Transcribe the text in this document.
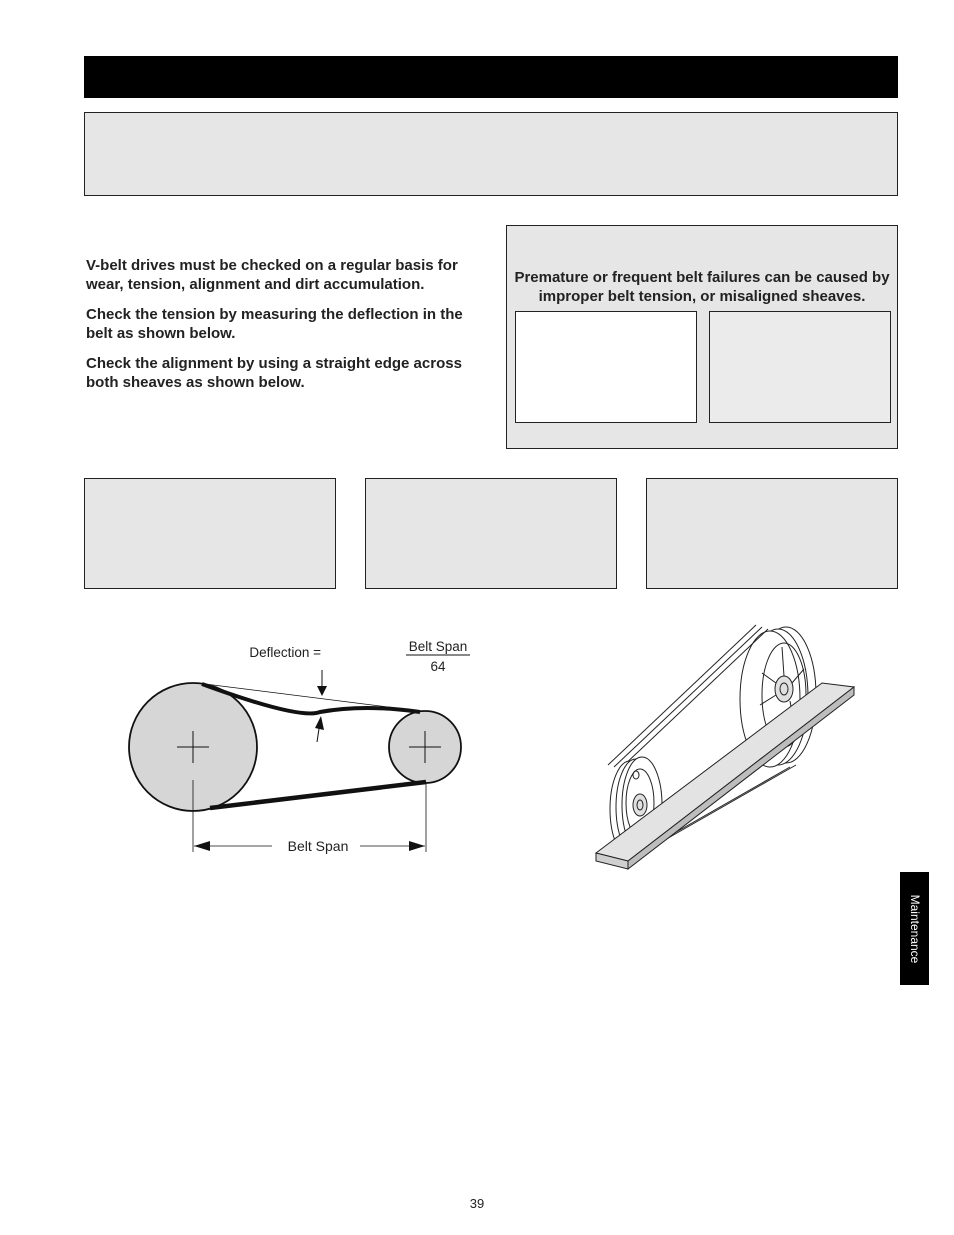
V-belt drives must be checked on a regular basis for wear, tension, alignment and dirt accumulation.

Check the tension by measuring the deflection in the belt as shown below.

Check the alignment by using a straight edge across both sheaves as shown below.

Premature or frequent belt failures can be caused by improper belt tension, or misaligned sheaves.
Deflection =	Belt Span
64
Belt Span
Maintenance
39
